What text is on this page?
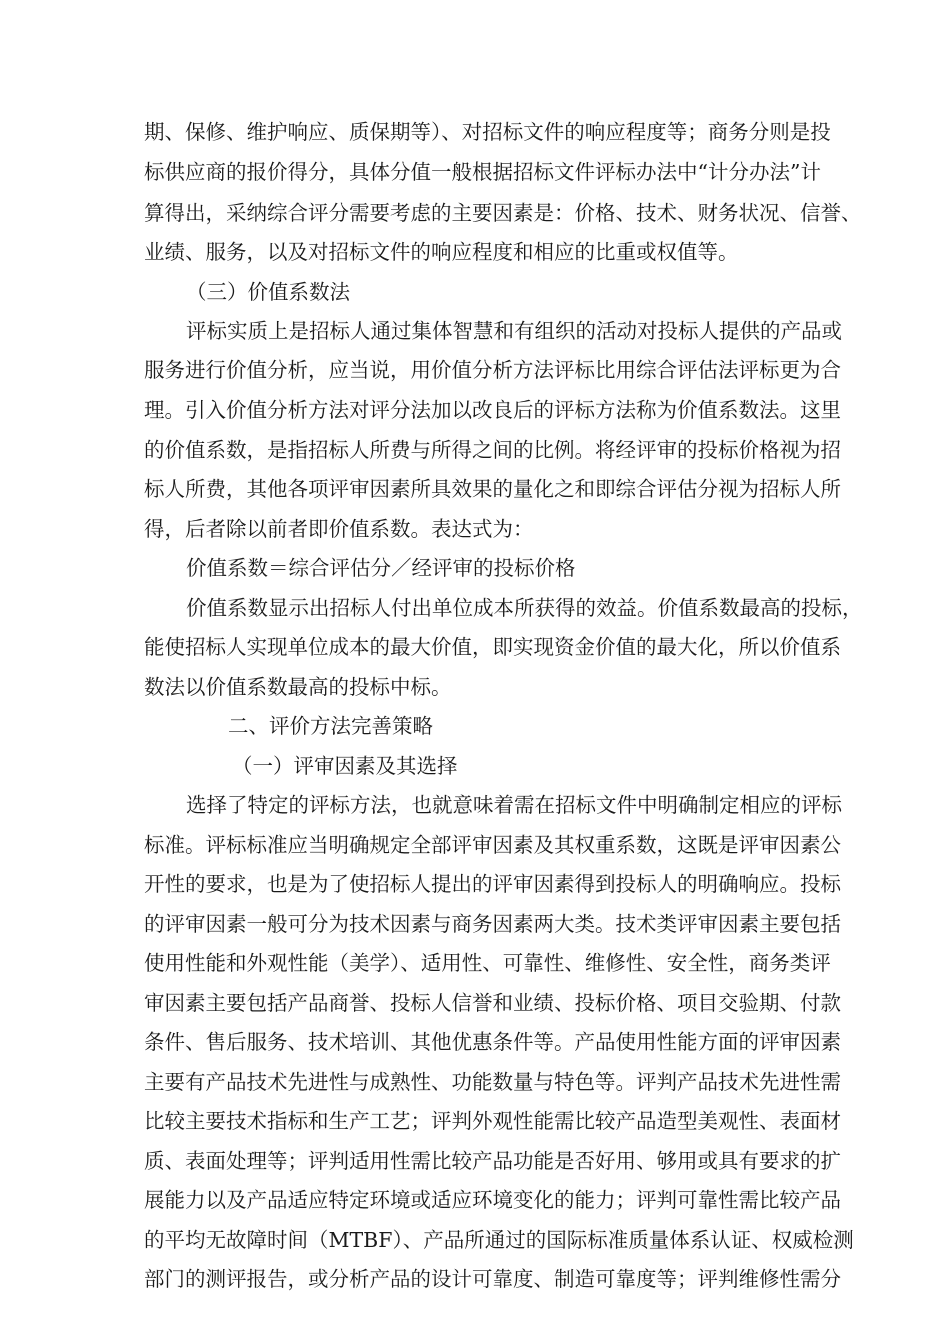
期、保修、维护响应、质保期等）、对招标文件的响应程度等；商务分则是投
标供应商的报价得分，具体分值一般根据招标文件评标办法中“计分办法”计
算得出，采纳综合评分需要考虑的主要因素是：价格、技术、财务状况、信誉、
业绩、服务，以及对招标文件的响应程度和相应的比重或权值等。
（三）价值系数法
评标实质上是招标人通过集体智慧和有组织的活动对投标人提供的产品或
服务进行价值分析，应当说，用价值分析方法评标比用综合评估法评标更为合
理。引入价值分析方法对评分法加以改良后的评标方法称为价值系数法。这里
的价值系数，是指招标人所费与所得之间的比例。将经评审的投标价格视为招
标人所费，其他各项评审因素所具效果的量化之和即综合评估分视为招标人所
得，后者除以前者即价值系数。表达式为：
价值系数＝综合评估分／经评审的投标价格
价值系数显示出招标人付出单位成本所获得的效益。价值系数最高的投标，
能使招标人实现单位成本的最大价值，即实现资金价值的最大化，所以价值系
数法以价值系数最高的投标中标。
二、评价方法完善策略
（一）评审因素及其选择
选择了特定的评标方法，也就意味着需在招标文件中明确制定相应的评标
标准。评标标准应当明确规定全部评审因素及其权重系数，这既是评审因素公
开性的要求，也是为了使招标人提出的评审因素得到投标人的明确响应。投标
的评审因素一般可分为技术因素与商务因素两大类。技术类评审因素主要包括
使用性能和外观性能（美学）、适用性、可靠性、维修性、安全性，商务类评
审因素主要包括产品商誉、投标人信誉和业绩、投标价格、项目交验期、付款
条件、售后服务、技术培训、其他优惠条件等。产品使用性能方面的评审因素
主要有产品技术先进性与成熟性、功能数量与特色等。评判产品技术先进性需
比较主要技术指标和生产工艺；评判外观性能需比较产品造型美观性、表面材
质、表面处理等；评判适用性需比较产品功能是否好用、够用或具有要求的扩
展能力以及产品适应特定环境或适应环境变化的能力；评判可靠性需比较产品
的平均无故障时间（MTBF）、产品所通过的国际标准质量体系认证、权威检测
部门的测评报告，或分析产品的设计可靠度、制造可靠度等；评判维修性需分
